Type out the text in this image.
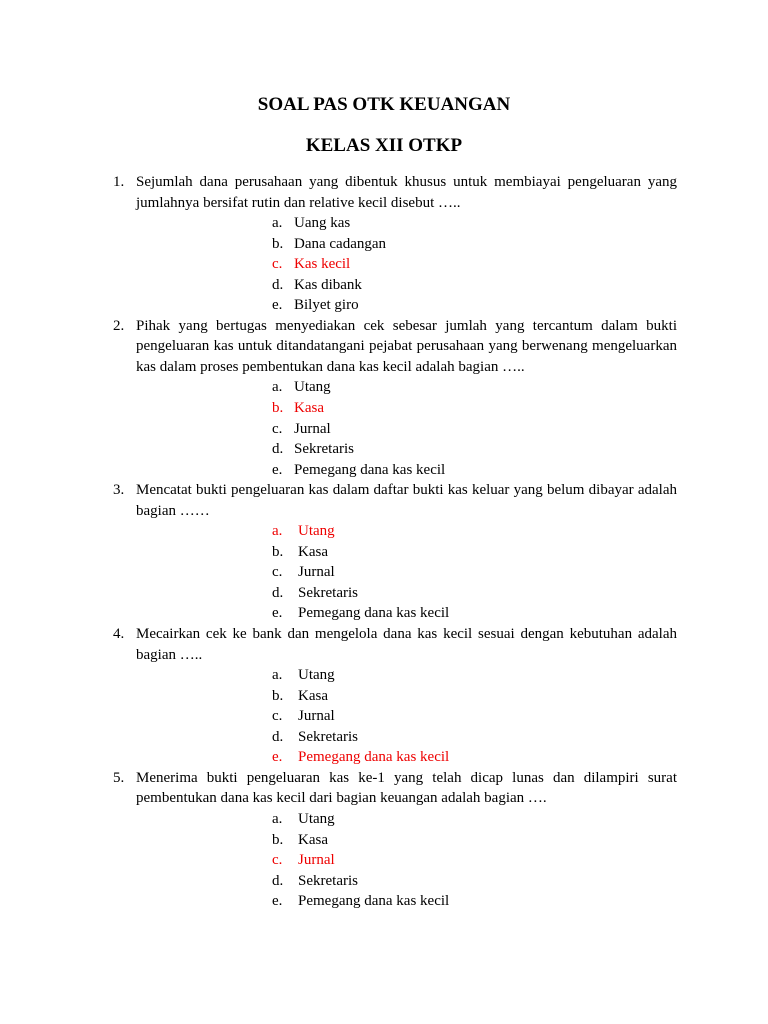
SOAL PAS OTK KEUANGAN
KELAS XII OTKP
1. Sejumlah dana perusahaan yang dibentuk khusus untuk membiayai pengeluaran yang jumlahnya bersifat rutin dan relative kecil disebut …..
a. Uang kas
b. Dana cadangan
c. Kas kecil
d. Kas dibank
e. Bilyet giro
2. Pihak yang bertugas menyediakan cek sebesar jumlah yang tercantum dalam bukti pengeluaran kas untuk ditandatangani pejabat perusahaan yang berwenang mengeluarkan kas dalam proses pembentukan dana kas kecil adalah bagian …..
a. Utang
b. Kasa
c. Jurnal
d. Sekretaris
e. Pemegang dana kas kecil
3. Mencatat bukti pengeluaran kas dalam daftar bukti kas keluar yang belum dibayar adalah bagian ……
a. Utang
b. Kasa
c. Jurnal
d. Sekretaris
e. Pemegang dana kas kecil
4. Mecairkan cek ke bank dan mengelola dana kas kecil sesuai dengan kebutuhan adalah bagian …..
a. Utang
b. Kasa
c. Jurnal
d. Sekretaris
e. Pemegang dana kas kecil
5. Menerima bukti pengeluaran kas ke-1 yang telah dicap lunas dan dilampiri surat pembentukan dana kas kecil dari bagian keuangan adalah bagian ….
a. Utang
b. Kasa
c. Jurnal
d. Sekretaris
e. Pemegang dana kas kecil
